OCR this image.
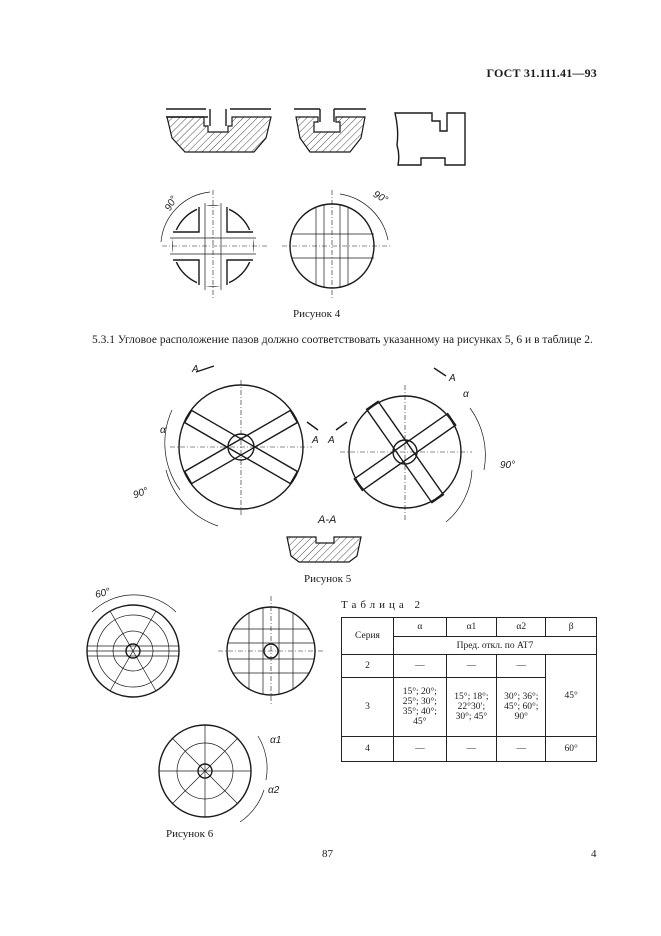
ГОСТ 31.111.41—93
90°	90°
Рисунок 4
5.3.1 Угловое расположение пазов должно соответствовать указанному на рисунках 5, 6 и в таблице 2.
α
90°
A
α
90°
A
A A
A-A
Рисунок 5
60°
α1
α2
Рисунок 6
Таблица 2
Серия	α	α1	α2	β
	Пред. откл. по AT7			
2	—	—	—	45°
3	15°; 20°; 25°; 30°; 35°; 40°; 45°	15°; 18°; 22°30′; 30°; 45°	30°; 36°; 45°; 60°; 90°	
4	—	—	—	60°
87	4
